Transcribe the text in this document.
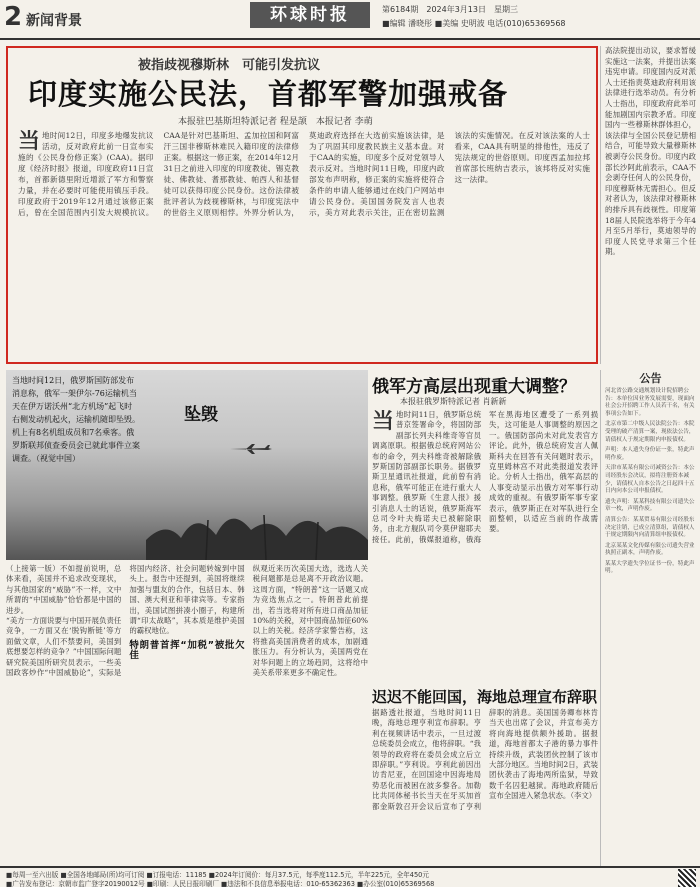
2 新闻背景	环球时报	第6184期　2024年3月13日　星期三
■编辑 潘晓彤 ■美编 史明波 电话(010)65369568
被指歧视穆斯林　可能引发抗议
印度实施公民法，首都军警加强戒备
本报驻巴基斯坦特派记者 程是颉　本报记者 李萌
当地时间12日，印度多地爆发抗议活动，反对政府此前一日宣布实施的《公民身份修正案》(CAA)。据印度《经济时报》报道，印度政府11日宣布，首都新德里附近增派了军方和警察力量，并在必要时可能使用镇压手段。印度政府于2019年12月通过该修正案后，曾在全国范围内引发大规模抗议。CAA是针对巴基斯坦、孟加拉国和阿富汗三国非穆斯林难民入籍印度的法律修正案。根据这一修正案，在2014年12月31日之前进入印度的印度教徒、锡克教徒、佛教徒、耆那教徒、帕西人和基督徒可以获得印度公民身份。这份法律被批评者认为歧视穆斯林，与印度宪法中的世俗主义原则相悖。外界分析认为，莫迪政府选择在大选前实施该法律，是为了巩固其印度教民族主义基本盘。对于CAA的实施，印度多个反对党领导人表示反对。当地时间11日晚，印度内政部发布声明称，修正案的实施将使符合条件的申请人能够通过在线门户网站申请公民身份。美国国务院发言人也表示，美方对此表示关注，正在密切监测该法的实施情况。在反对该法案的人士看来，CAA具有明显的排他性，违反了宪法规定的世俗原则。印度西孟加拉邦首席部长班纳吉表示，该邦将反对实施这一法律。
高法院提出动议，要求暂缓实施这一法案，并提出法案违宪申请。印度国内反对派人士还指责莫迪政府利用该法律进行选举动员。有分析人士指出，印度政府此举可能加剧国内宗教矛盾。印度国内一些穆斯林群体担心，该法律与全国公民登记册相结合，可能导致大量穆斯林被剥夺公民身份。印度内政部长沙阿此前表示，CAA不会剥夺任何人的公民身份，印度穆斯林无需担心。但反对者认为，该法律对穆斯林的排斥具有歧视性。印度第18届人民院选举将于今年4月至5月举行，莫迪领导的印度人民党寻求第三个任期。
当地时间12日，俄罗斯国防部发布消息称，俄军一架伊尔-76运输机当天在伊万诺沃州“北方机场”起飞时右侧发动机起火，运输机随即坠毁。机上有8名机组成员和7名乘客。俄罗斯联邦侦查委员会已就此事件立案调查。（视觉中国）
坠毁

（上接第一版）不如提前说明，总体来看，美国并不追求改变现状，与其他国家的“威胁”不一样，文中所谓的“中国威胁”恰恰都是中国的进步。

“美方一方面说要与中国开展负责任竞争，一方面又在‘脱钩断链’等方面做文章，人们不禁要问，美国到底想要怎样的竞争？”中国国际问题研究院美国所研究员表示，一些美国政客炒作“中国威胁论”，实际是将国内经济、社会问题转嫁到中国头上。报告中还提到，美国将继续加强与盟友的合作，包括日本、韩国、澳大利亚和菲律宾等。专家指出，美国试图拼凑小圈子，构建所谓“印太战略”，其本质是维护美国的霸权地位。

特朗普首挥“加税”被批欠佳

纵观近来历次美国大选，选选人关税问题都是总是离不开政治议题。这周方面，“特朗普”这一话题又成为竞选焦点之一。特朗普此前提出，若当选将对所有进口商品加征10%的关税，对中国商品加征60%以上的关税。经济学家警告称，这将推高美国消费者的成本，加剧通胀压力。有分析认为，美国两党在对华问题上的立场趋同，这将给中美关系带来更多不确定性。

俄军方高层出现重大调整？
本报驻俄罗斯特派记者 肖新新
当地时间11日，俄罗斯总统普京签署命令，将国防部副部长列夫科维奇等官员调离原职。根据俄总统府网站公布的命令，列夫科维奇被解除俄罗斯国防部副部长职务。据俄罗斯卫星通讯社报道，此前曾有消息称，俄军可能正在进行重大人事调整。俄罗斯《生意人报》援引消息人士的话说，俄罗斯海军总司令叶夫梅诺夫已被解除职务，由北方舰队司令莫伊谢耶夫接任。此前，俄媒报道称，俄海军在黑海地区遭受了一系列损失，这可能是人事调整的原因之一。俄国防部尚未对此发表官方评论。此外，俄总统府发言人佩斯科夫在回答有关问题时表示，克里姆林宫不对此类报道发表评论。分析人士指出，俄军高层的人事变动显示出俄方对军事行动成效的重视。有俄罗斯军事专家表示，俄罗斯正在对军队进行全面整顿，以适应当前的作战需要。
迟迟不能回国，海地总理宣布辞职
据路透社报道，当地时间11日晚，海地总理亨利宣布辞职。亨利在视频讲话中表示，一旦过渡总统委员会成立，他将辞职。“我领导的政府将在委员会成立后立即辞职。”亨利说。亨利此前因出访肯尼亚，在回国途中因海地局势恶化而被困在波多黎各。加勒比共同体秘书长当天在牙买加首都金斯敦召开会议后宣布了亨利辞职的消息。美国国务卿布林肯当天也出席了会议，并宣布美方将向海地提供额外援助。据报道，海地首都太子港的暴力事件持续升级，武装团伙控制了该市大部分地区。当地时间2日，武装团伙袭击了海地两所监狱，导致数千名囚犯越狱。海地政府随后宣布全国进入紧急状态。（李文）
公告
河北省公路交通规划设计院招聘公告：本单位因业务发展需要，现面向社会公开招聘工作人员若干名，有关事项公告如下。
北京市第二中级人民法院公告：本院受理的破产清算一案，现依法公告，请债权人于规定期限内申报债权。
声明：本人遗失身份证一张，特此声明作废。
天津市某某有限公司减资公告：本公司经股东会决议，拟将注册资本减少，请债权人自本公告之日起四十五日内向本公司申报债权。
遗失声明：某某科技有限公司遗失公章一枚，声明作废。
清算公告：某某贸易有限公司经股东决定注销，已成立清算组，请债权人于规定期限内向清算组申报债权。
北京某某文化传媒有限公司遗失营业执照正副本，声明作废。
某某大学遗失学位证书一份，特此声明。
■每周一至六出版 ■全国各地邮局(所)均可订阅 ■订报电话：11185 ■2024年订阅价：每月37.5元，每季度112.5元，半年225元，全年450元
■广告发布登记：京朝市监广登字20190012号 ■印刷：人民日报印刷厂 ■违法和不良信息举报电话：010-65362363 ■办公室(010)65369568
